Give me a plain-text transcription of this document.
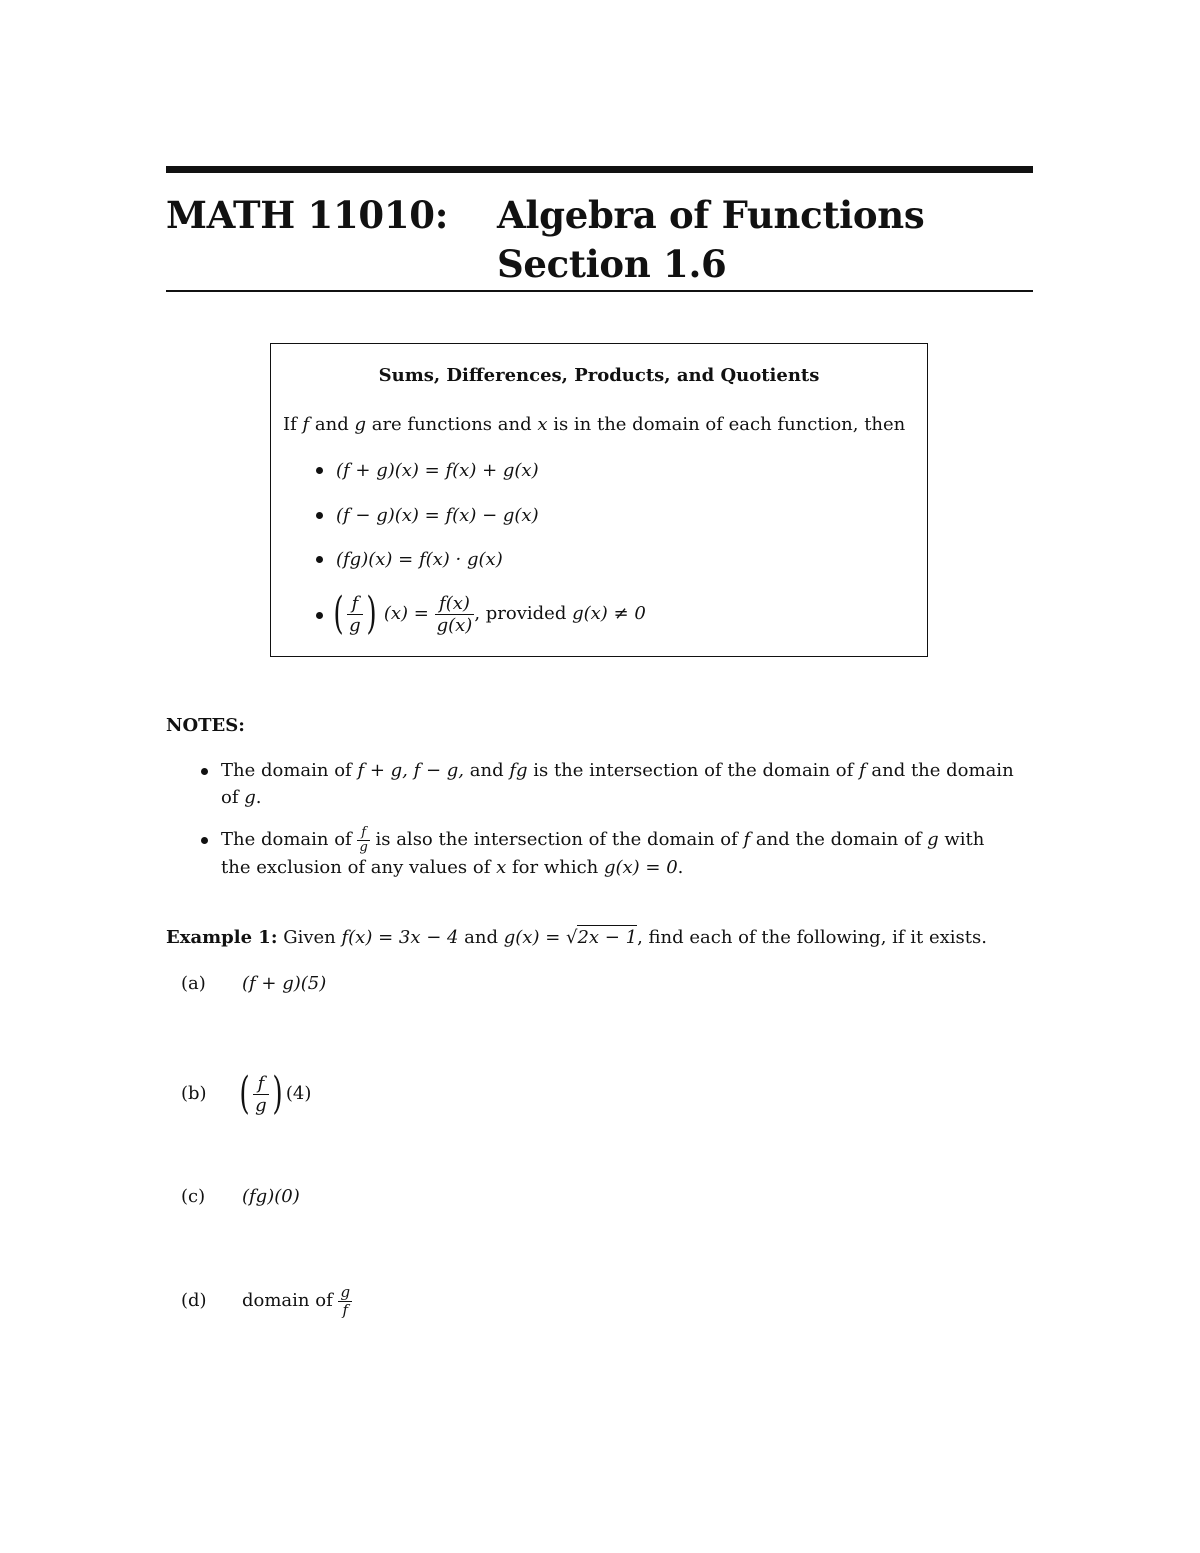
MATH 11010: Algebra of Functions
Section 1.6
Sums, Differences, Products, and Quotients
If f and g are functions and x is in the domain of each function, then
(f + g)(x) = f(x) + g(x)
(f − g)(x) = f(x) − g(x)
(fg)(x) = f(x) · g(x)
( $\frac{f}{g}$ ) $(x) = \frac{f(x)}{g(x)}$ , provided g(x) ≠ 0
NOTES:
The domain of f + g, f − g, and fg is the intersection of the domain of f and the domain
of g.
The domain of $\frac{f}{g}$ is also the intersection of the domain of f and the domain of g with
the exclusion of any values of x for which g(x) = 0.
Example 1: Given f(x) = 3x − 4 and g(x) = √2x − 1, find each of the following, if it exists.
(a) (f + g)(5)
(b) ( $\frac{f}{g}$ ) (4)
(c) (fg)(0)
(d) domain of $\frac{g}{f}$
